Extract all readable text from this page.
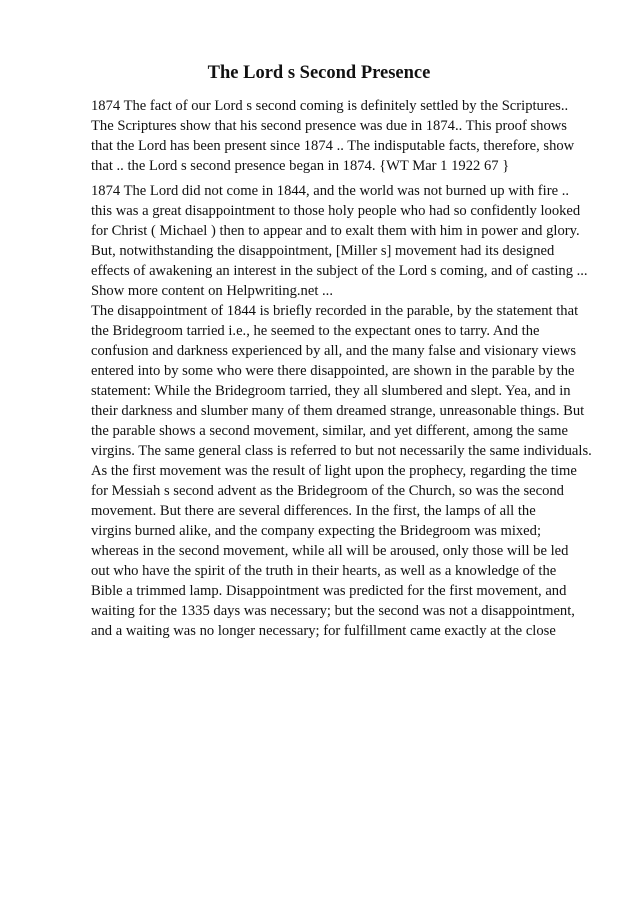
The Lord s Second Presence

1874 The fact of our Lord s second coming is definitely settled by the Scriptures..
The Scriptures show that his second presence was due in 1874.. This proof shows
that the Lord has been present since 1874 .. The indisputable facts, therefore, show
that .. the Lord s second presence began in 1874. {WT Mar 1 1922 67 }

1874 The Lord did not come in 1844, and the world was not burned up with fire ..
this was a great disappointment to those holy people who had so confidently looked
for Christ ( Michael ) then to appear and to exalt them with him in power and glory.
But, notwithstanding the disappointment, [Miller s] movement had its designed
effects of awakening an interest in the subject of the Lord s coming, and of casting ...
Show more content on Helpwriting.net ...
The disappointment of 1844 is briefly recorded in the parable, by the statement that
the Bridegroom tarried i.e., he seemed to the expectant ones to tarry. And the
confusion and darkness experienced by all, and the many false and visionary views
entered into by some who were there disappointed, are shown in the parable by the
statement: While the Bridegroom tarried, they all slumbered and slept. Yea, and in
their darkness and slumber many of them dreamed strange, unreasonable things. But
the parable shows a second movement, similar, and yet different, among the same
virgins. The same general class is referred to but not necessarily the same individuals.
As the first movement was the result of light upon the prophecy, regarding the time
for Messiah s second advent as the Bridegroom of the Church, so was the second
movement. But there are several differences. In the first, the lamps of all the
virgins burned alike, and the company expecting the Bridegroom was mixed;
whereas in the second movement, while all will be aroused, only those will be led
out who have the spirit of the truth in their hearts, as well as a knowledge of the
Bible a trimmed lamp. Disappointment was predicted for the first movement, and
waiting for the 1335 days was necessary; but the second was not a disappointment,
and a waiting was no longer necessary; for fulfillment came exactly at the close
